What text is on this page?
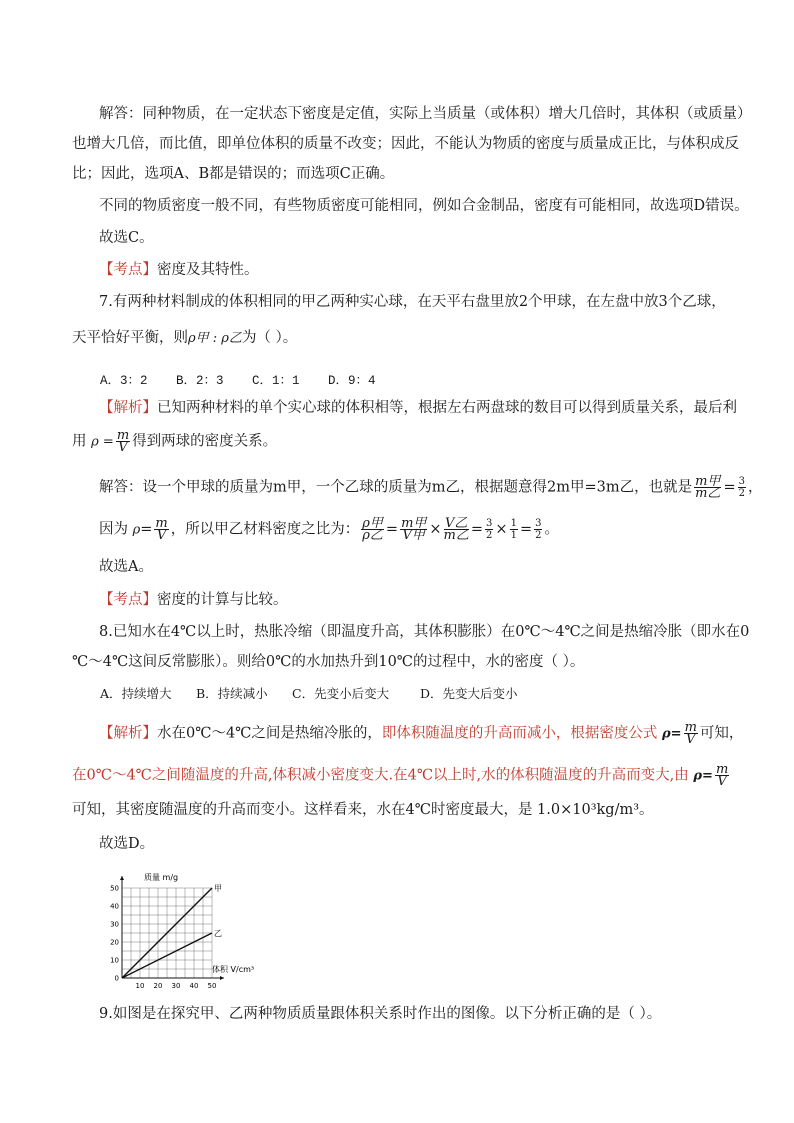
解答：同种物质，在一定状态下密度是定值，实际上当质量（或体积）增大几倍时，其体积（或质量）
也增大几倍，而比值，即单位体积的质量不改变；因此，不能认为物质的密度与质量成正比，与体积成反
比；因此，选项A、B都是错误的；而选项C正确。
不同的物质密度一般不同，有些物质密度可能相同，例如合金制品，密度有可能相同，故选项D错误。
故选C。
【考点】密度及其特性。
7.有两种材料制成的体积相同的甲乙两种实心球，在天平右盘里放2个甲球，在左盘中放3个乙球，
天平恰好平衡，则ρ甲 : ρ乙为（ ）。
A．3：2 B．2：3 C．1：1 D．9：4
【解析】已知两种材料的单个实心球的体积相等，根据左右两盘球的数目可以得到质量关系，最后利
用 $\rho = \frac{m}{V}$ 得到两球的密度关系。
解答：设一个甲球的质量为m甲，一个乙球的质量为m乙，根据题意得2m甲=3m乙，也就是 $\frac{\text{m甲}}{\text{m乙}} = \frac{3}{2}$ ，
因为 $\rho= \frac{m}{V}$ ，所以甲乙材料密度之比为： $\frac{\text{ρ甲}}{\text{ρ乙}} = \frac{\text{m甲}}{\text{V甲}} \times \frac{\text{V乙}}{\text{m乙}} = \frac{3}{2} \times \frac{1}{1} = \frac{3}{2}$ 。
故选A。
【考点】密度的计算与比较。
8.已知水在4℃以上时，热胀冷缩（即温度升高，其体积膨胀）在0℃～4℃之间是热缩冷胀（即水在0
℃～4℃这间反常膨胀）。则给0℃的水加热升到10℃的过程中，水的密度（ ）。
A．持续增大 B．持续减小 C．先变小后变大 D．先变大后变小
【解析】水在0℃～4℃之间是热缩冷胀的，即体积随温度的升高而减小，根据密度公式 $\rho= \frac{m}{V}$ 可知，
在0℃～4℃之间随温度的升高,体积减小密度变大.在4℃以上时,水的体积随温度的升高而变大,由 $\rho= \frac{m}{V}$
可知，其密度随温度的升高而变小。这样看来，水在4℃时密度最大，是 1.0×10³kg/m³。
故选D。
10 20 30 40 50
0
10
20
30
40
50	甲
乙
质量 m/g
体积 V/cm³
9.如图是在探究甲、乙两种物质质量跟体积关系时作出的图像。以下分析正确的是（ ）。
